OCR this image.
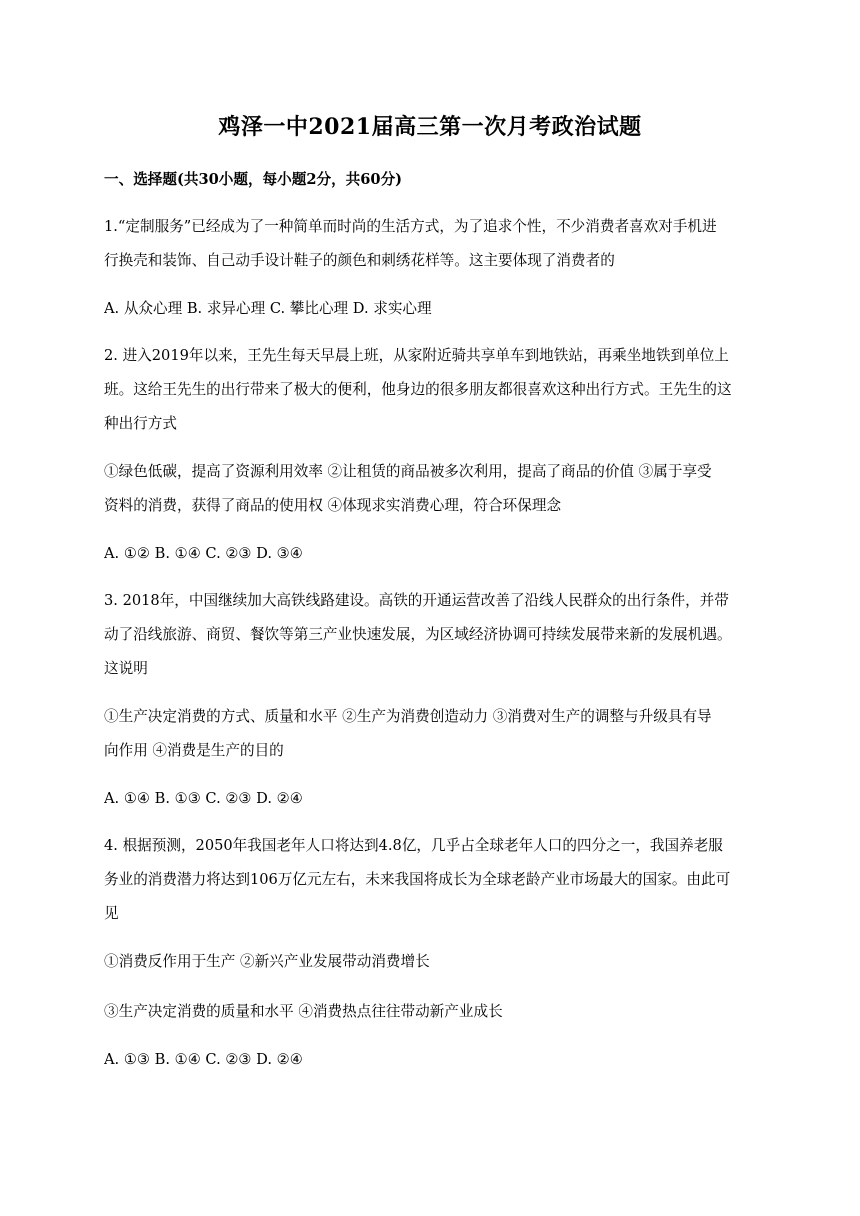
鸡泽一中2021届高三第一次月考政治试题
一、选择题(共30小题，每小题2分，共60分)
1.“定制服务”已经成为了一种简单而时尚的生活方式，为了追求个性，不少消费者喜欢对手机进
行换壳和装饰、自己动手设计鞋子的颜色和刺绣花样等。这主要体现了消费者的
A. 从众心理 B. 求异心理 C. 攀比心理 D. 求实心理
2. 进入2019年以来，王先生每天早晨上班，从家附近骑共享单车到地铁站，再乘坐地铁到单位上
班。这给王先生的出行带来了极大的便利，他身边的很多朋友都很喜欢这种出行方式。王先生的这
种出行方式
①绿色低碳，提高了资源利用效率 ②让租赁的商品被多次利用，提高了商品的价值 ③属于享受
资料的消费，获得了商品的使用权 ④体现求实消费心理，符合环保理念
A. ①② B. ①④ C. ②③ D. ③④
3. 2018年，中国继续加大高铁线路建设。高铁的开通运营改善了沿线人民群众的出行条件，并带
动了沿线旅游、商贸、餐饮等第三产业快速发展，为区域经济协调可持续发展带来新的发展机遇。
这说明
①生产决定消费的方式、质量和水平 ②生产为消费创造动力 ③消费对生产的调整与升级具有导
向作用 ④消费是生产的目的
A. ①④ B. ①③ C. ②③ D. ②④
4. 根据预测，2050年我国老年人口将达到4.8亿，几乎占全球老年人口的四分之一，我国养老服
务业的消费潜力将达到106万亿元左右，未来我国将成长为全球老龄产业市场最大的国家。由此可
见
①消费反作用于生产 ②新兴产业发展带动消费增长
③生产决定消费的质量和水平 ④消费热点往往带动新产业成长
A. ①③ B. ①④ C. ②③ D. ②④
